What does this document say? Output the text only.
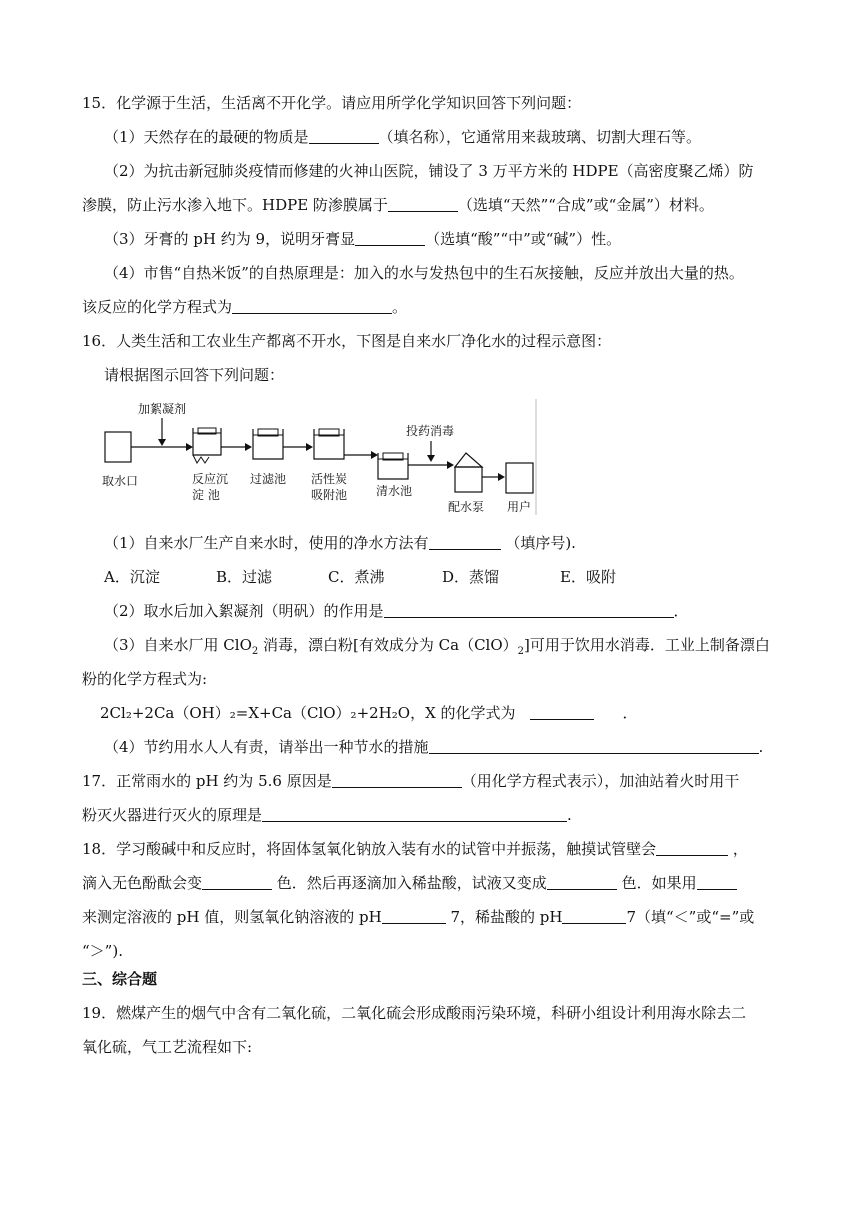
15．化学源于生活，生活离不开化学。请应用所学化学知识回答下列问题：
（1）天然存在的最硬的物质是	（填名称），它通常用来裁玻璃、切割大理石等。
（2）为抗击新冠肺炎疫情而修建的火神山医院，铺设了 3 万平方米的 HDPE（高密度聚乙烯）防
渗膜，防止污水渗入地下。HDPE 防渗膜属于	（选填“天然”“合成”或“金属”）材料。
（3）牙膏的 pH 约为 9，说明牙膏显	（选填“酸”“中”或“碱”）性。
（4）市售“自热米饭”的自热原理是：加入的水与发热包中的生石灰接触，反应并放出大量的热。
该反应的化学方程式为	。
16．人类生活和工农业生产都离不开水，下图是自来水厂净化水的过程示意图：
请根据图示回答下列问题：
取水口
加絮凝剂
反应沉
淀 池
过滤池 活性炭
吸附池 清水池
投药消毒
配水泵 用户
（1）自来水厂生产自来水时，使用的净水方法有	（填序号).
A．沉淀	B．过滤	C．煮沸	D．蒸馏	E．吸附
（2）取水后加入絮凝剂（明矾）的作用是	．
（3）自来水厂用 ClO$_2$ 消毒，漂白粉[有效成分为 $Ca(ClO)_2$]可用于饮用水消毒．工业上制备漂白
粉的化学方程式为:
2Cl₂+2Ca（OH）₂=X+Ca（ClO）₂+2H₂O，X 的化学式为	．
（4）节约用水人人有责，请举出一种节水的措施	.
17．正常雨水的 pH 约为 5.6 原因是	（用化学方程式表示），加油站着火时用干
粉灭火器进行灭火的原理是	.
18．学习酸碱中和反应时，将固体氢氧化钠放入装有水的试管中并振荡，触摸试管壁会	，
滴入无色酚酞会变	色．然后再逐滴加入稀盐酸，试液又变成	色．如果用
来测定溶液的 pH 值，则氢氧化钠溶液的 pH	7，稀盐酸的 pH	7（填“＜”或“=”或
“＞”).
三、综合题
19．燃煤产生的烟气中含有二氧化硫，二氧化硫会形成酸雨污染环境，科研小组设计利用海水除去二
氧化硫，气工艺流程如下:
